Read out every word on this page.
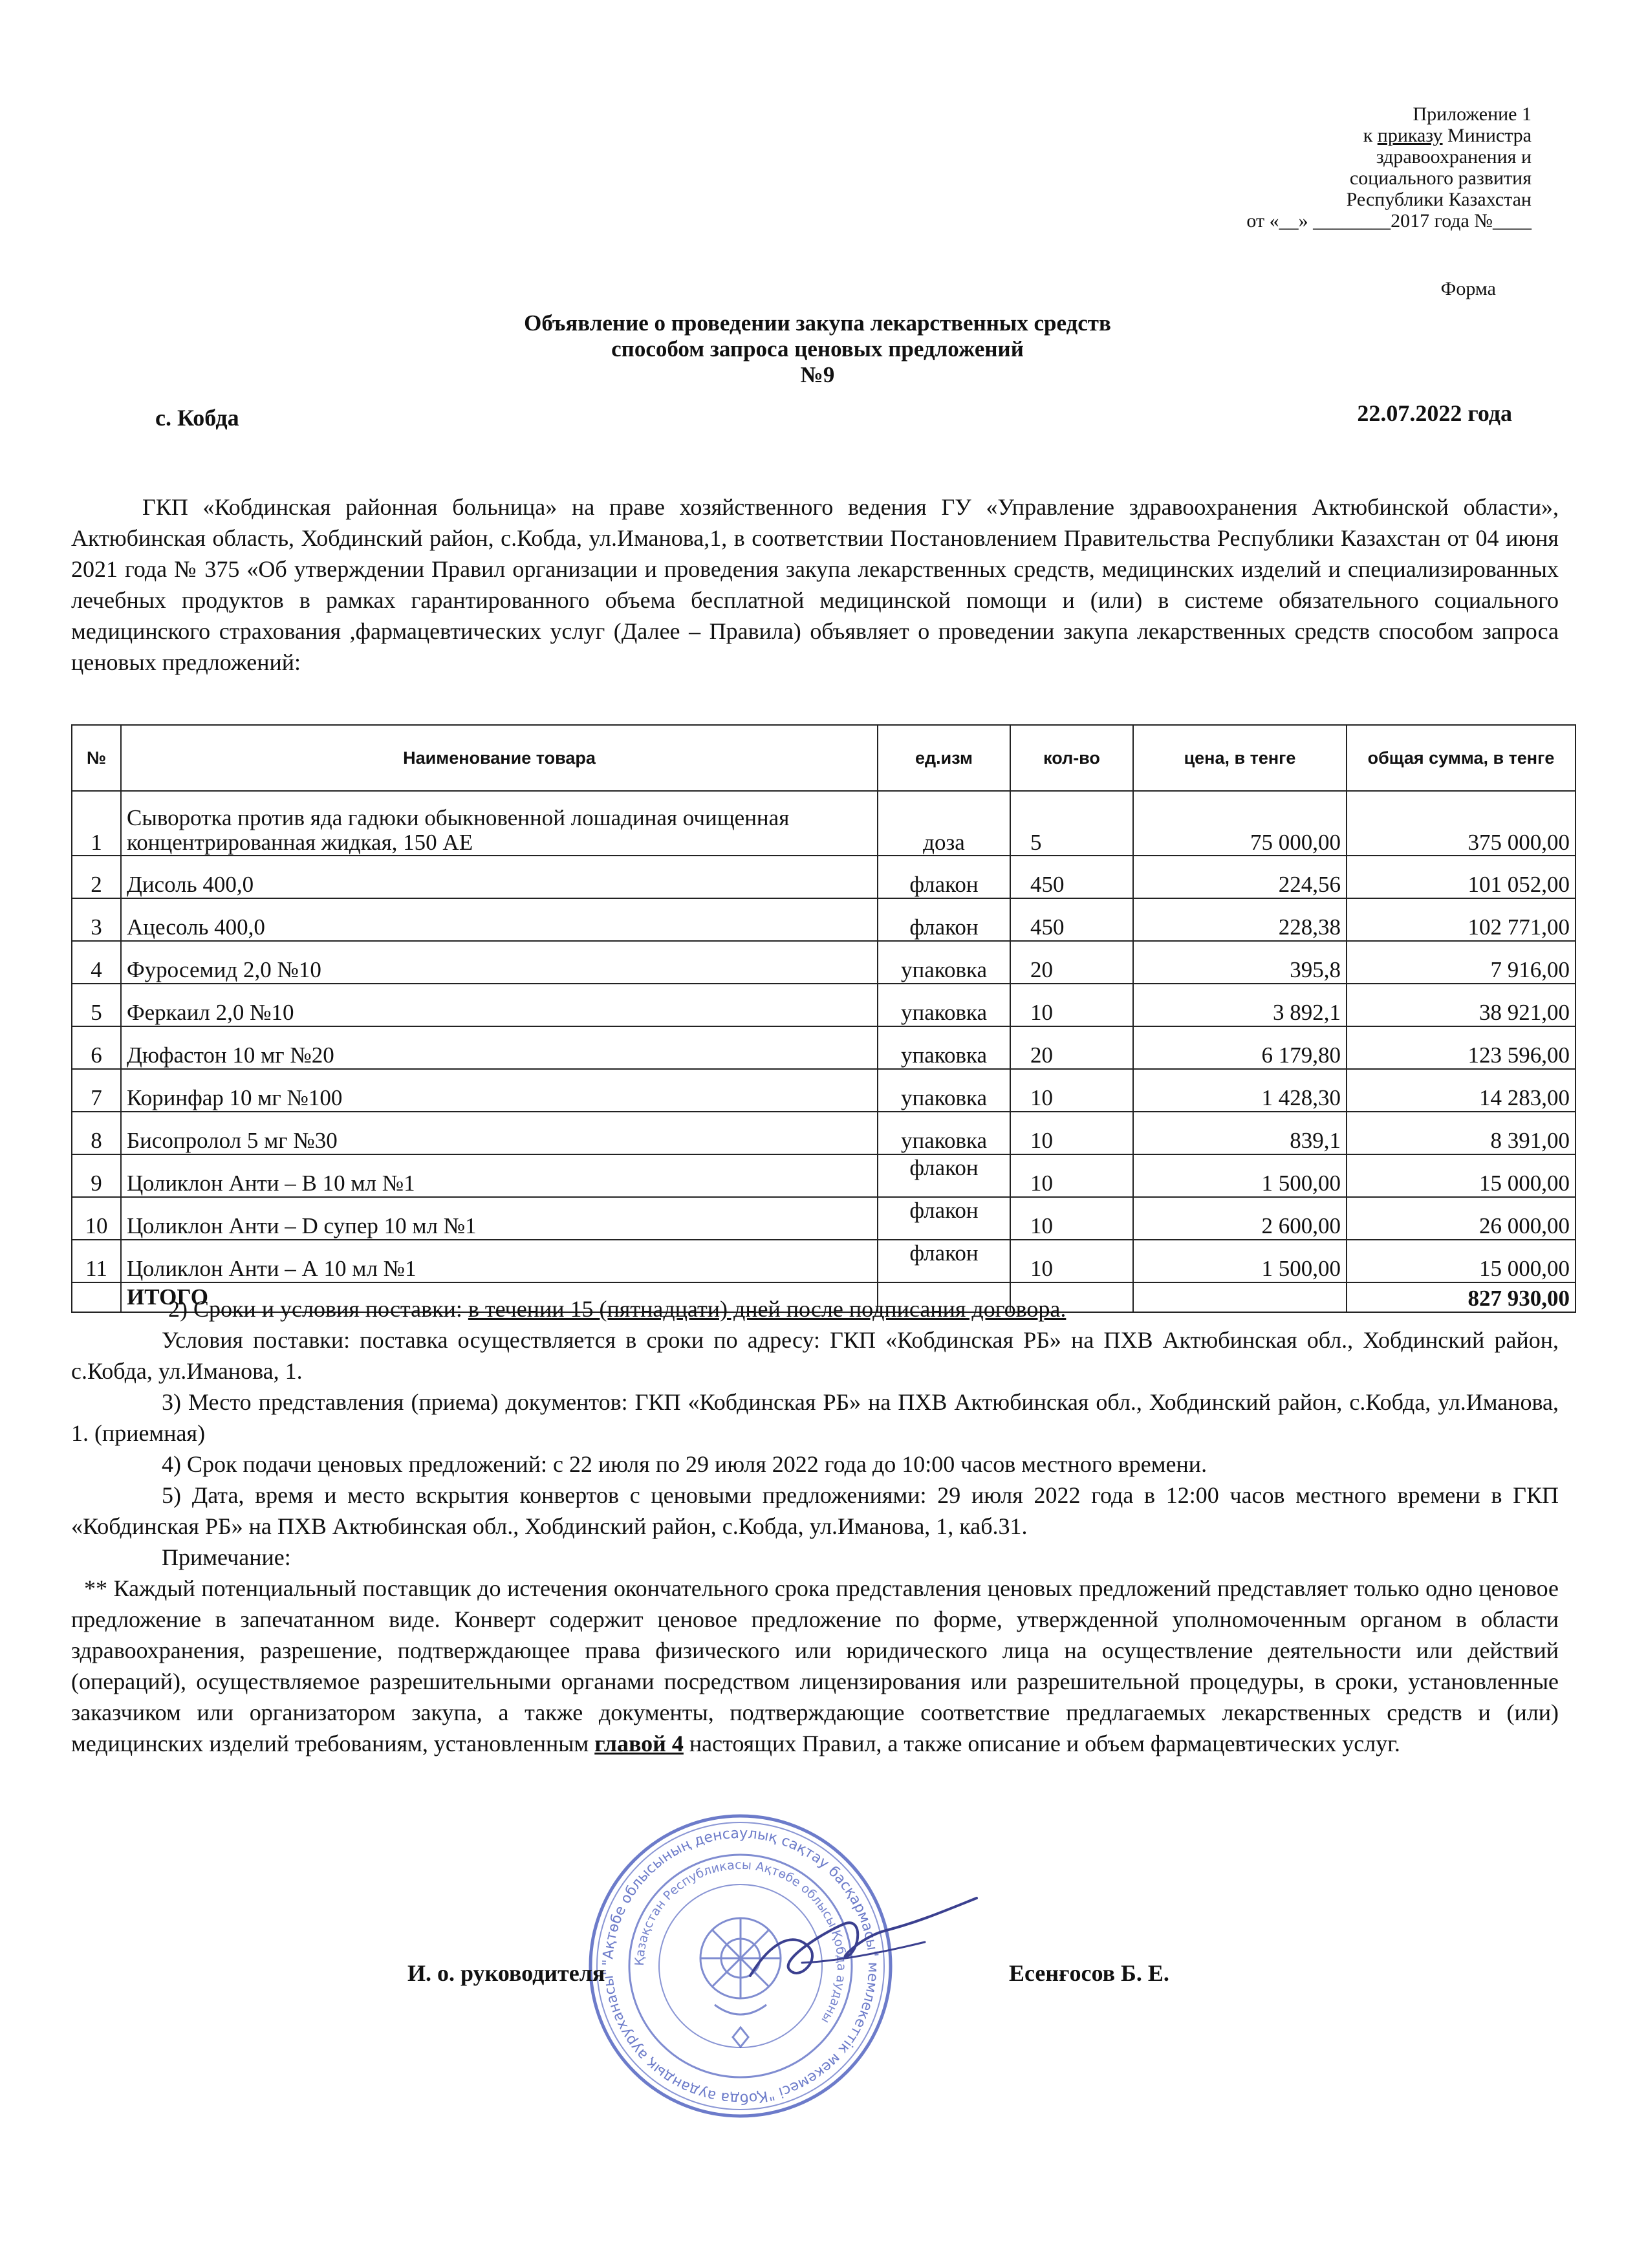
Приложение 1
к приказу Министра
здравоохранения и
социального развития
Республики Казахстан
от «__» ________2017 года №____
Форма
Объявление о проведении закупа лекарственных средств
способом запроса ценовых предложений
№9
с. Кобда	22.07.2022 года
ГКП «Кобдинская районная больница» на праве хозяйственного ведения ГУ «Управление здравоохранения Актюбинской области», Актюбинская область, Хобдинский район, с.Кобда, ул.Иманова,1, в соответствии Постановлением Правительства Республики Казахстан от 04 июня 2021 года № 375 «Об утверждении Правил организации и проведения закупа лекарственных средств, медицинских изделий и специализированных лечебных продуктов в рамках гарантированного объема бесплатной медицинской помощи и (или) в системе обязательного социального медицинского страхования ,фармацевтических услуг (Далее – Правила) объявляет о проведении закупа лекарственных средств способом запроса ценовых предложений:
№	Наименование товара	ед.изм	кол-во	цена, в тенге	общая сумма, в тенге
1	Сыворотка против яда гадюки обыкновенной лошадиная очищенная концентрированная жидкая, 150 АЕ	доза	5	75 000,00	375 000,00
2	Дисоль 400,0	флакон	450	224,56	101 052,00
3	Ацесоль 400,0	флакон	450	228,38	102 771,00
4	Фуросемид 2,0 №10	упаковка	20	395,8	7 916,00
5	Феркаил 2,0 №10	упаковка	10	3 892,1	38 921,00
6	Дюфастон 10 мг №20	упаковка	20	6 179,80	123 596,00
7	Коринфар 10 мг №100	упаковка	10	1 428,30	14 283,00
8	Бисопролол 5 мг №30	упаковка	10	839,1	8 391,00
9	Цоликлон Анти – В 10 мл №1	флакон	10	1 500,00	15 000,00
10	Цоликлон Анти – D супер 10 мл №1	флакон	10	2 600,00	26 000,00
11	Цоликлон Анти – А 10 мл №1	флакон	10	1 500,00	15 000,00
	ИТОГО				827 930,00

2) Сроки и условия поставки: в течении 15 (пятнадцати) дней после подписания договора.

Условия поставки: поставка осуществляется в сроки по адресу: ГКП «Кобдинская РБ» на ПХВ Актюбинская обл., Хобдинский район, с.Кобда, ул.Иманова, 1.

3) Место представления (приема) документов: ГКП «Кобдинская РБ» на ПХВ Актюбинская обл., Хобдинский район, с.Кобда, ул.Иманова, 1. (приемная)

4) Срок подачи ценовых предложений: с 22 июля по 29 июля 2022 года до 10:00 часов местного времени.

5) Дата, время и место вскрытия конвертов с ценовыми предложениями: 29 июля 2022 года в 12:00 часов местного времени в ГКП «Кобдинская РБ» на ПХВ Актюбинская обл., Хобдинский район, с.Кобда, ул.Иманова, 1, каб.31.

Примечание:

** Каждый потенциальный поставщик до истечения окончательного срока представления ценовых предложений представляет только одно ценовое предложение в запечатанном виде. Конверт содержит ценовое предложение по форме, утвержденной уполномоченным органом в области здравоохранения, разрешение, подтверждающее права физического или юридического лица на осуществление деятельности или действий (операций), осуществляемое разрешительными органами посредством лицензирования или разрешительной процедуры, в сроки, установленные заказчиком или организатором закупа, а также документы, подтверждающие соответствие предлагаемых лекарственных средств и (или) медицинских изделий требованиям, установленным главой 4 настоящих Правил, а также описание и объем фармацевтических услуг.

"Ақтөбе облысының денсаулық сақтау басқармасы" мемлекеттік мекемесі "Қобда аудандық ауруханасы"
Қазақстан Республикасы Ақтөбе облысы Қобда ауданы
И. о. руководителя	Есенғосов Б. Е.
